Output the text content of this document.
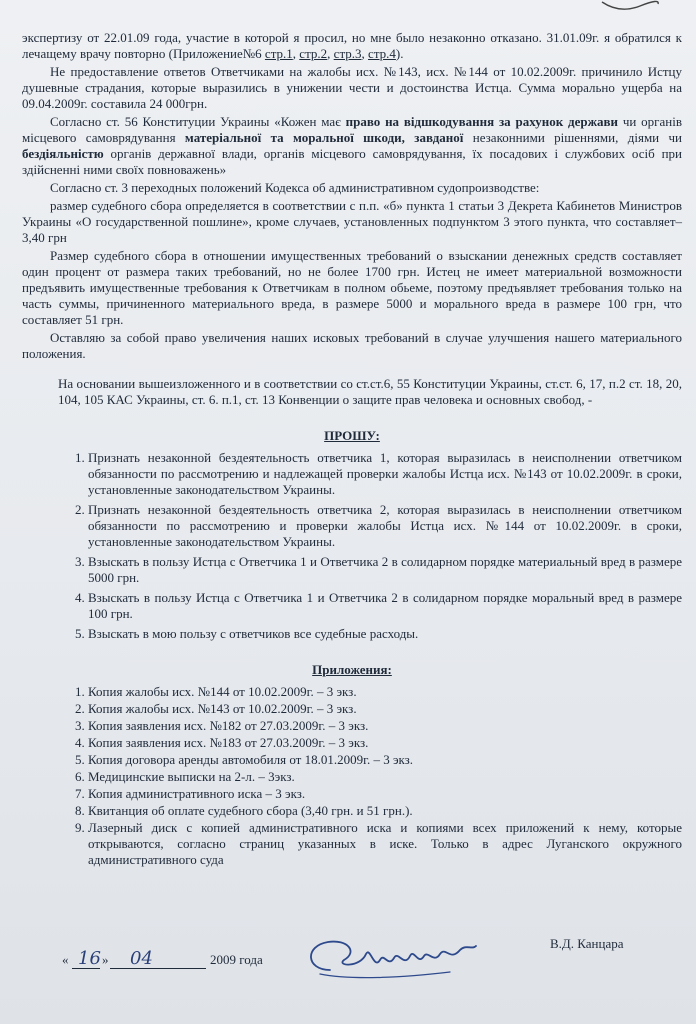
экспертизу от 22.01.09 года, участие в которой я просил, но мне было незаконно отказано. 31.01.09г. я обратился к лечащему врачу повторно (Приложение№6 стр.1, стр.2, стр.3, стр.4).

Не предоставление ответов Ответчиками на жалобы исх. №143, исх. №144 от 10.02.2009г. причинило Истцу душевные страдания, которые выразились в унижении чести и достоинства Истца. Сумма морально ущерба на 09.04.2009г. составила 24 000грн.

Согласно ст. 56 Конституции Украины «Кожен має право на відшкодування за рахунок держави чи органів місцевого самоврядування матеріальної та моральної шкоди, завданої незаконними рішеннями, діями чи бездіяльністю органів державної влади, органів місцевого самоврядування, їх посадових і службових осіб при здійсненні ними своїх повноважень»

Согласно ст. 3 переходных положений Кодекса об административном судопроизводстве:

размер судебного сбора определяется в соответствии с п.п. «б» пункта 1 статьи 3 Декрета Кабинетов Министров Украины «О государственной пошлине», кроме случаев, установленных подпунктом 3 этого пункта, что составляет– 3,40 грн

Размер судебного сбора в отношении имущественных требований о взыскании денежных средств составляет один процент от размера таких требований, но не более 1700 грн. Истец не имеет материальной возможности предъявить имущественные требования к Ответчикам в полном обьеме, поэтому предъявляет требования только на часть суммы, причиненного материального вреда, в размере 5000 и морального вреда в размере 100 грн, что составляет 51 грн.

Оставляю за собой право увеличения наших исковых требований в случае улучшения нашего материального положения.

На основании вышеизложенного и в соответствии со ст.ст.6, 55 Конституции Украины, ст.ст. 6, 17, п.2 ст. 18, 20, 104, 105 КАС Украины, ст. 6. п.1, ст. 13 Конвенции о защите прав человека и основных свобод, -

ПРОШУ:
1. Признать незаконной бездеятельность ответчика 1, которая выразилась в неисполнении ответчиком обязанности по рассмотрению и надлежащей проверки жалобы Истца исх. №143 от 10.02.2009г. в сроки, установленные законодательством Украины.
2. Признать незаконной бездеятельность ответчика 2, которая выразилась в неисполнении ответчиком обязанности по рассмотрению и проверки жалобы Истца исх. №144 от 10.02.2009г. в сроки, установленные законодательством Украины.
3. Взыскать в пользу Истца с Ответчика 1 и Ответчика 2 в солидарном порядке материальный вред в размере 5000 грн.
4. Взыскать в пользу Истца с Ответчика 1 и Ответчика 2 в солидарном порядке моральный вред в размере 100 грн.
5. Взыскать в мою пользу с ответчиков все судебные расходы.
Приложения:
1. Копия жалобы исх. №144 от 10.02.2009г. – 3 экз.
2. Копия жалобы исх. №143 от 10.02.2009г. – 3 экз.
3. Копия заявления исх. №182 от 27.03.2009г. – 3 экз.
4. Копия заявления исх. №183 от 27.03.2009г. – 3 экз.
5. Копия договора аренды автомобиля от 18.01.2009г. – 3 экз.
6. Медицинские выписки на 2-л. – 3экз.
7. Копия административного иска – 3 экз.
8. Квитанция об оплате судебного сбора (3,40 грн. и 51 грн.).
9. Лазерный диск с копией административного иска и копиями всех приложений к нему, которые открываются, согласно страниц указанных в иске. Только в адрес Луганского окружного административного суда
« 16 » 04	2009 года
В.Д. Канцара
